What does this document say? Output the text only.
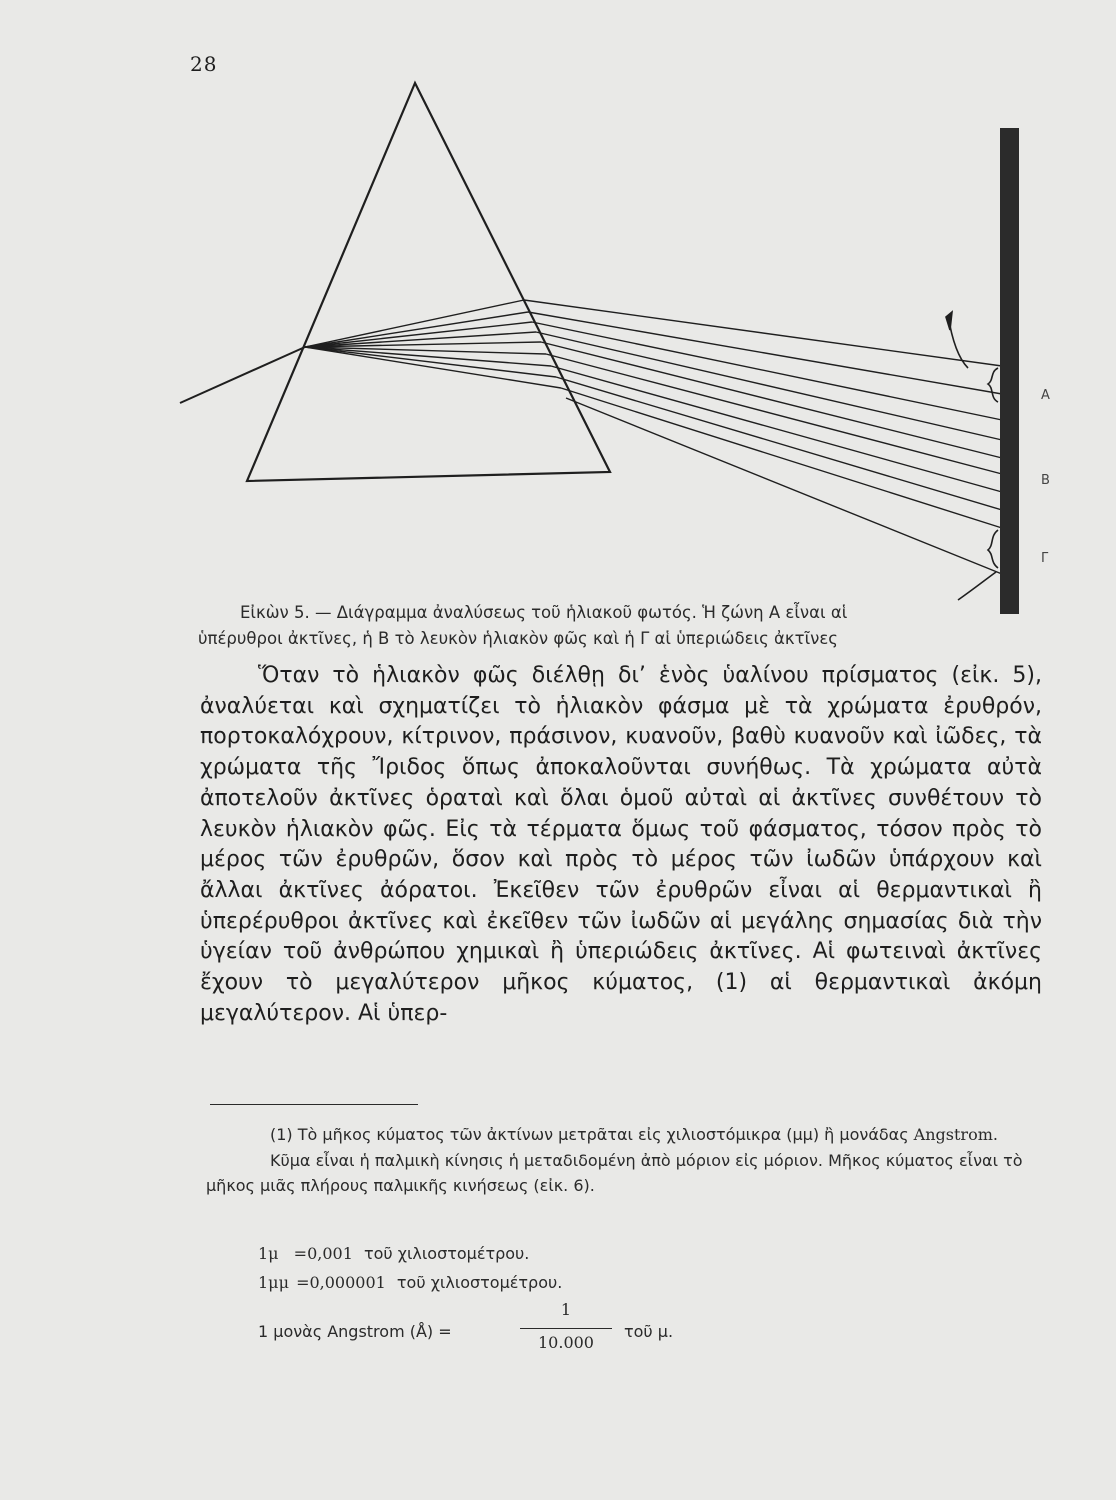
28
A
B
Γ

Εἰκὼν 5. — Διάγραμμα ἀναλύσεως τοῦ ἡλιακοῦ φωτός. Ἡ ζώνη Α εἶναι αἱ

ὑπέρυθροι ἀκτῖνες, ἡ Β τὸ λευκὸν ἡλιακὸν φῶς καὶ ἡ Γ αἱ ὑπεριώδεις ἀκτῖνες

Ὅταν τὸ ἡλιακὸν φῶς διέλθῃ δι’ ἑνὸς ὑαλίνου πρίσματος (εἰκ. 5), ἀναλύεται καὶ σχηματίζει τὸ ἡλιακὸν φάσμα μὲ τὰ χρώματα ἐρυθρόν, πορτοκαλόχρουν, κίτρινον, πράσινον, κυανοῦν, βαθὺ κυανοῦν καὶ ἰῶδες, τὰ χρώματα τῆς Ἴριδος ὅπως ἀποκαλοῦνται συνήθως. Τὰ χρώματα αὐτὰ ἀποτελοῦν ἀκτῖνες ὁραταὶ καὶ ὅλαι ὁμοῦ αὐταὶ αἱ ἀκτῖνες συνθέτουν τὸ λευκὸν ἡλιακὸν φῶς. Εἰς τὰ τέρματα ὅμως τοῦ φάσματος, τόσον πρὸς τὸ μέρος τῶν ἐρυθρῶν, ὅσον καὶ πρὸς τὸ μέρος τῶν ἰωδῶν ὑπάρχουν καὶ ἄλλαι ἀκτῖνες ἀόρατοι. Ἐκεῖθεν τῶν ἐρυθρῶν εἶναι αἱ θερμαντικαὶ ἢ ὑπερέρυθροι ἀκτῖνες καὶ ἐκεῖθεν τῶν ἰωδῶν αἱ μεγάλης σημασίας διὰ τὴν ὑγείαν τοῦ ἀνθρώπου χημικαὶ ἢ ὑπεριώδεις ἀκτῖνες. Αἱ φωτειναὶ ἀκτῖνες ἔχουν τὸ μεγαλύτερον μῆκος κύματος, (1) αἱ θερμαντικαὶ ἀκόμη μεγαλύτερον. Αἱ ὑπερ-

(1) Τὸ μῆκος κύματος τῶν ἀκτίνων μετρᾶται εἰς χιλιοστόμικρα (μμ) ἢ μονάδας Angstrom.

Κῦμα εἶναι ἡ παλμικὴ κίνησις ἡ μεταδιδομένη ἀπὸ μόριον εἰς μόριον. Μῆκος κύματος εἶναι τὸ μῆκος μιᾶς πλήρους παλμικῆς κινήσεως (εἰκ. 6).

1μ =0,001 τοῦ χιλιοστομέτρου.
1μμ =0,000001 τοῦ χιλιοστομέτρου.
1 μονὰς Angstrom (Å) =
1
10.000
τοῦ μ.
